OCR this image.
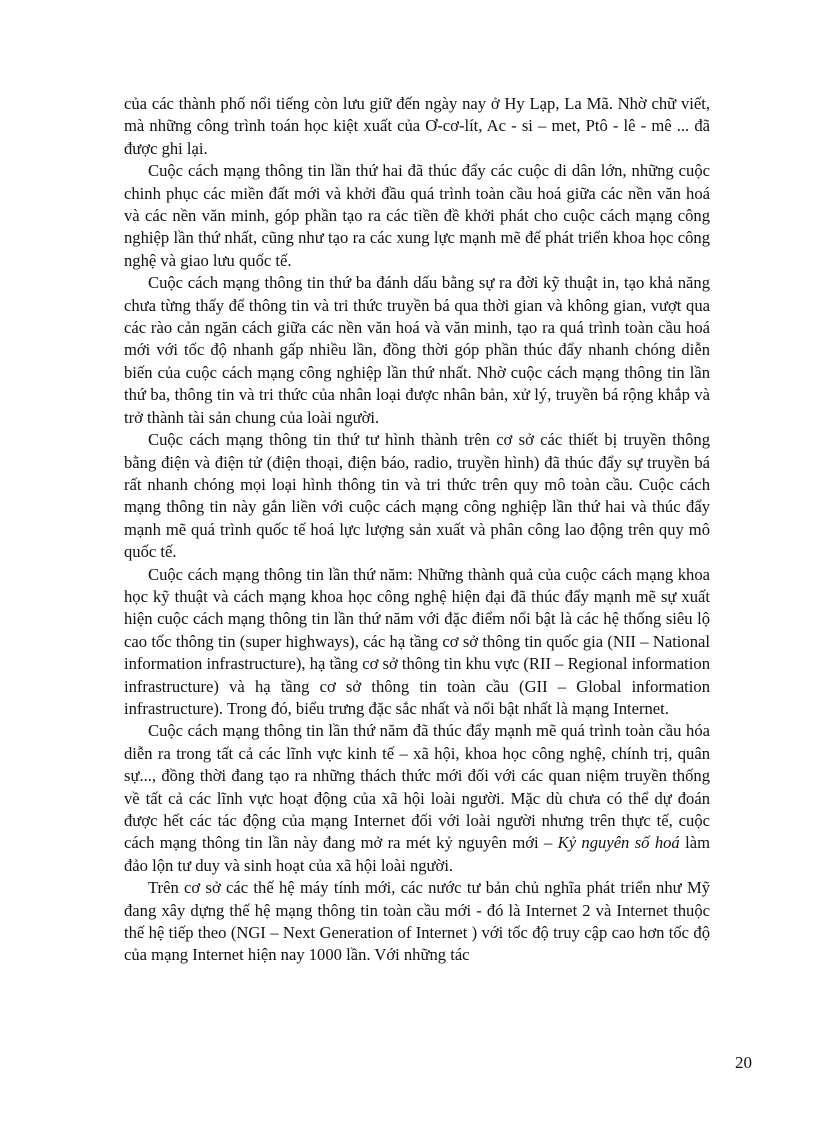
của các thành phố nổi tiếng còn lưu giữ đến ngày nay ở Hy Lạp, La Mã. Nhờ chữ viết, mà những công trình toán học kiệt xuất của Ơ-cơ-lít, Ac - si – met, Ptô - lê - mê ... đã được ghi lại.

Cuộc cách mạng thông tin lần thứ hai đã thúc đẩy các cuộc di dân lớn, những cuộc chinh phục các miền đất mới và khởi đầu quá trình toàn cầu hoá giữa các nền văn hoá và các nền văn minh, góp phần tạo ra các tiền đề khởi phát cho cuộc cách mạng công nghiệp lần thứ nhất, cũng như tạo ra các xung lực mạnh mẽ để phát triển khoa học công nghệ và giao lưu quốc tế.

Cuộc cách mạng thông tin thứ ba đánh dấu bằng sự ra đời kỹ thuật in, tạo khả năng chưa từng thấy để thông tin và tri thức truyền bá qua thời gian và không gian, vượt qua các rào cản ngăn cách giữa các nền văn hoá và văn minh, tạo ra quá trình toàn cầu hoá mới với tốc độ nhanh gấp nhiều lần, đồng thời góp phần thúc đẩy nhanh chóng diễn biến của cuộc cách mạng công nghiệp lần thứ nhất. Nhờ cuộc cách mạng thông tin lần thứ ba, thông tin và tri thức của nhân loại được nhân bản, xử lý, truyền bá rộng khắp và trở thành tài sản chung của loài người.

Cuộc cách mạng thông tin thứ tư hình thành trên cơ sở các thiết bị truyền thông bằng điện và điện tử (điện thoại, điện báo, radio, truyền hình) đã thúc đẩy sự truyền bá rất nhanh chóng mọi loại hình thông tin và tri thức trên quy mô toàn cầu. Cuộc cách mạng thông tin này gắn liền với cuộc cách mạng công nghiệp lần thứ hai và thúc đẩy mạnh mẽ quá trình quốc tế hoá lực lượng sản xuất và phân công lao động trên quy mô quốc tế.

Cuộc cách mạng thông tin lần thứ năm: Những thành quả của cuộc cách mạng khoa học kỹ thuật và cách mạng khoa học công nghệ hiện đại đã thúc đẩy mạnh mẽ sự xuất hiện cuộc cách mạng thông tin lần thứ năm với đặc điểm nổi bật là các hệ thống siêu lộ cao tốc thông tin (super highways), các hạ tầng cơ sở thông tin quốc gia (NII – National information infrastructure), hạ tầng cơ sở thông tin khu vực (RII – Regional information infrastructure) và hạ tầng cơ sở thông tin toàn cầu (GII – Global information infrastructure). Trong đó, biểu trưng đặc sắc nhất và nổi bật nhất là mạng Internet.

Cuộc cách mạng thông tin lần thứ năm đã thúc đẩy mạnh mẽ quá trình toàn cầu hóa diễn ra trong tất cả các lĩnh vực kinh tế – xã hội, khoa học công nghệ, chính trị, quân sự..., đồng thời đang tạo ra những thách thức mới đối với các quan niệm truyền thống về tất cả các lĩnh vực hoạt động của xã hội loài người. Mặc dù chưa có thể dự đoán được hết các tác động của mạng Internet đối với loài người nhưng trên thực tế, cuộc cách mạng thông tin lần này đang mở ra mét kỷ nguyên mới – Kỷ nguyên số hoá làm đảo lộn tư duy và sinh hoạt của xã hội loài người.

Trên cơ sở các thế hệ máy tính mới, các nước tư bản chủ nghĩa phát triển như Mỹ đang xây dựng thế hệ mạng thông tin toàn cầu mới - đó là Internet 2 và Internet thuộc thế hệ tiếp theo (NGI – Next Generation of Internet ) với tốc độ truy cập cao hơn tốc độ của mạng Internet hiện nay 1000 lần. Với những tác

20
